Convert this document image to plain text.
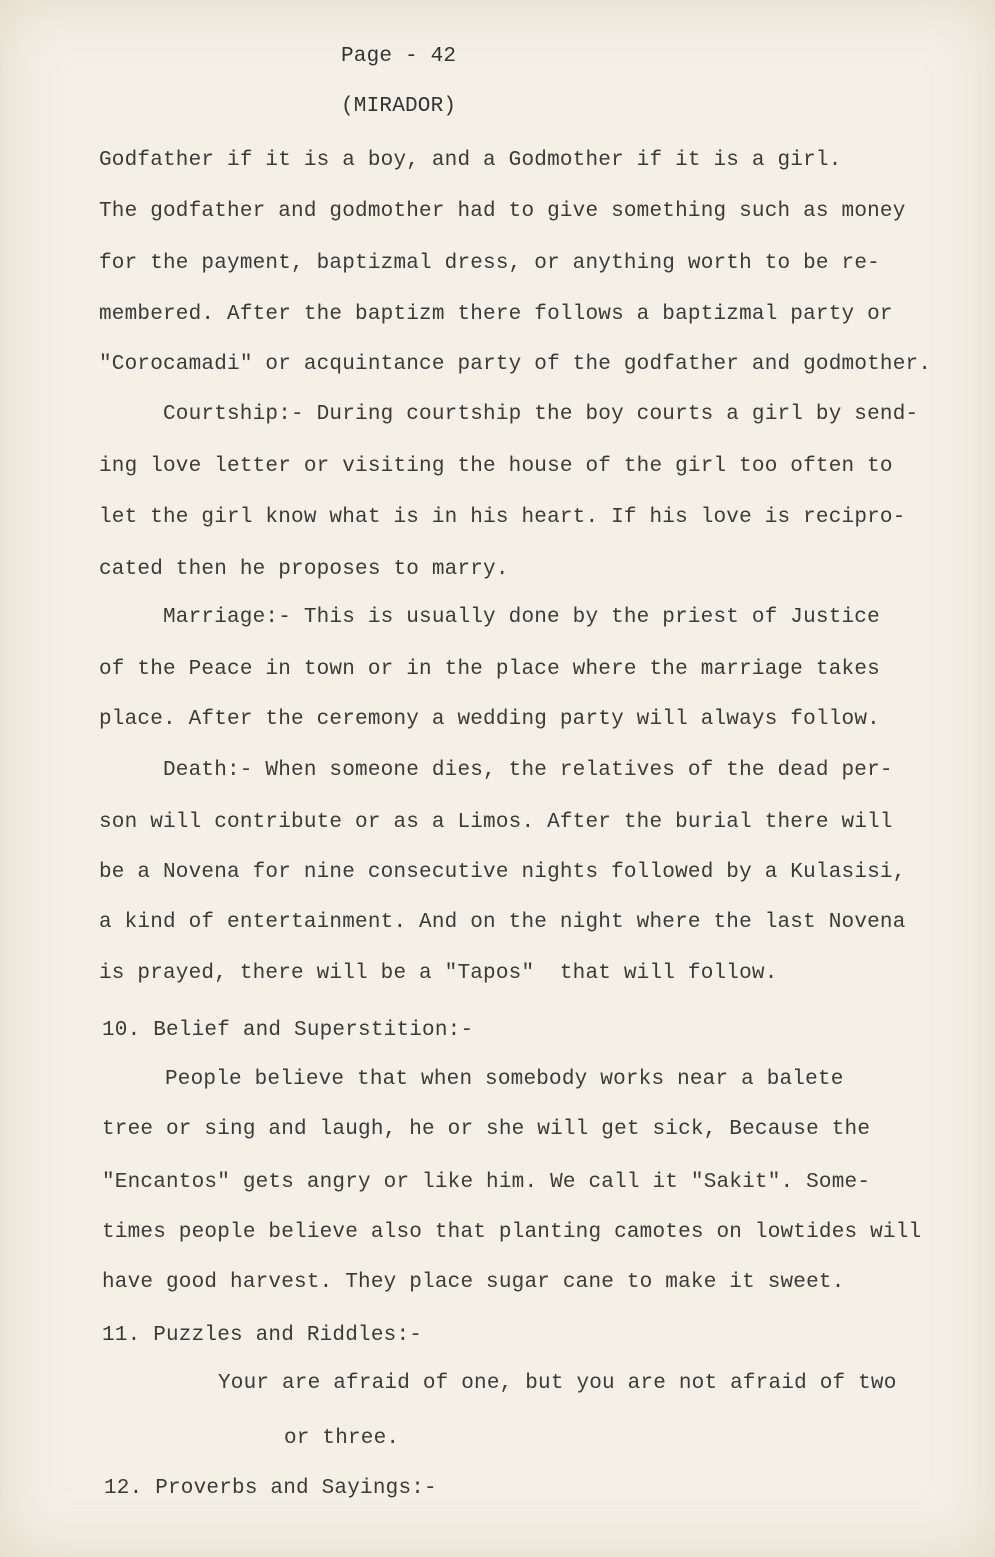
Page - 42
(MIRADOR)
Godfather if it is a boy, and a Godmother if it is a girl.
The godfather and godmother had to give something such as money
for the payment, baptizmal dress, or anything worth to be re-
membered. After the baptizm there follows a baptizmal party or
"Corocamadi" or acquintance party of the godfather and godmother.
Courtship:- During courtship the boy courts a girl by send-
ing love letter or visiting the house of the girl too often to
let the girl know what is in his heart. If his love is recipro-
cated then he proposes to marry.
Marriage:- This is usually done by the priest of Justice
of the Peace in town or in the place where the marriage takes
place. After the ceremony a wedding party will always follow.
Death:- When someone dies, the relatives of the dead per-
son will contribute or as a Limos. After the burial there will
be a Novena for nine consecutive nights followed by a Kulasisi,
a kind of entertainment. And on the night where the last Novena
is prayed, there will be a "Tapos"  that will follow.
10. Belief and Superstition:-
People believe that when somebody works near a balete
tree or sing and laugh, he or she will get sick, Because the
"Encantos" gets angry or like him. We call it "Sakit". Some-
times people believe also that planting camotes on lowtides will
have good harvest. They place sugar cane to make it sweet.
11. Puzzles and Riddles:-
Your are afraid of one, but you are not afraid of two
or three.
12. Proverbs and Sayings:-
